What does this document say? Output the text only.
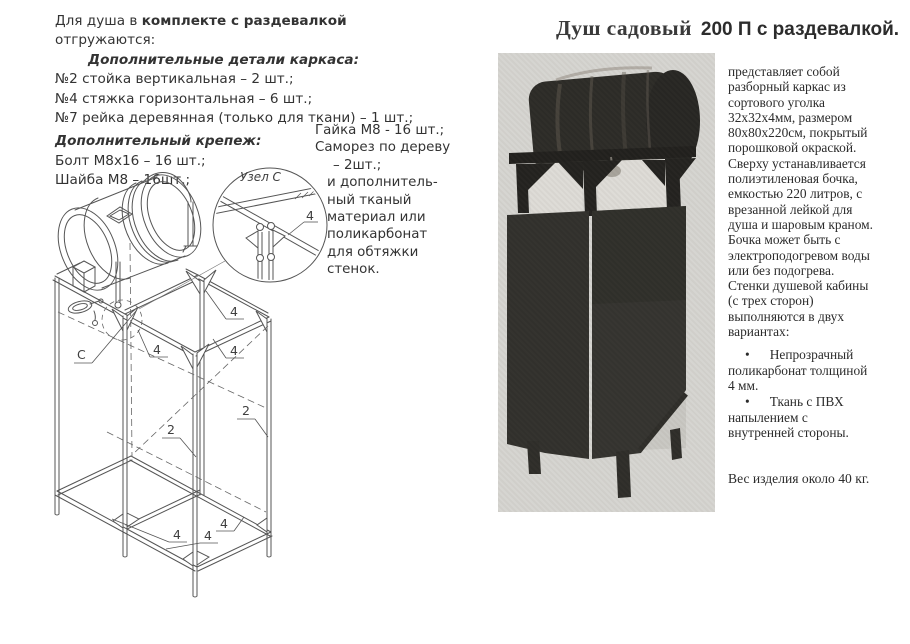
Для душа в комплекте с раздевалкой отгружаются:
Дополнительные детали каркаса:
№2 стойка вертикальная – 2 шт.;
№4 стяжка горизонтальная – 6 шт.;
№7 рейка деревянная (только для ткани) – 1 шт.;
Дополнительный крепеж:
Болт М8х16 – 16 шт.;
Шайба М8 – 16шт.;
Гайка М8 - 16 шт.;
Саморез по дереву
– 2шт.;
и дополнитель-
ный тканый
материал или
поликарбонат
для обтяжки
стенок.
Душ садовый 200 П с раздевалкой.
Узел С
С
2
2
4
4
4
4 4
4
4
представляет собой
разборный каркас из
сортового уголка
32х32х4мм, размером
80х80х220см, покрытый
порошковой окраской.
Сверху устанавливается
полиэтиленовая бочка,
емкостью 220 литров, с
врезанной лейкой для
душа и шаровым краном.
Бочка может быть с
электроподогревом воды
или без подогрева.
Стенки душевой кабины
(с трех сторон)
выполняются в двух
вариантах:
• Непрозрачный
поликарбонат толщиной
4 мм.
• Ткань с ПВХ
напылением с
внутренней стороны.
Вес изделия около 40 кг.
